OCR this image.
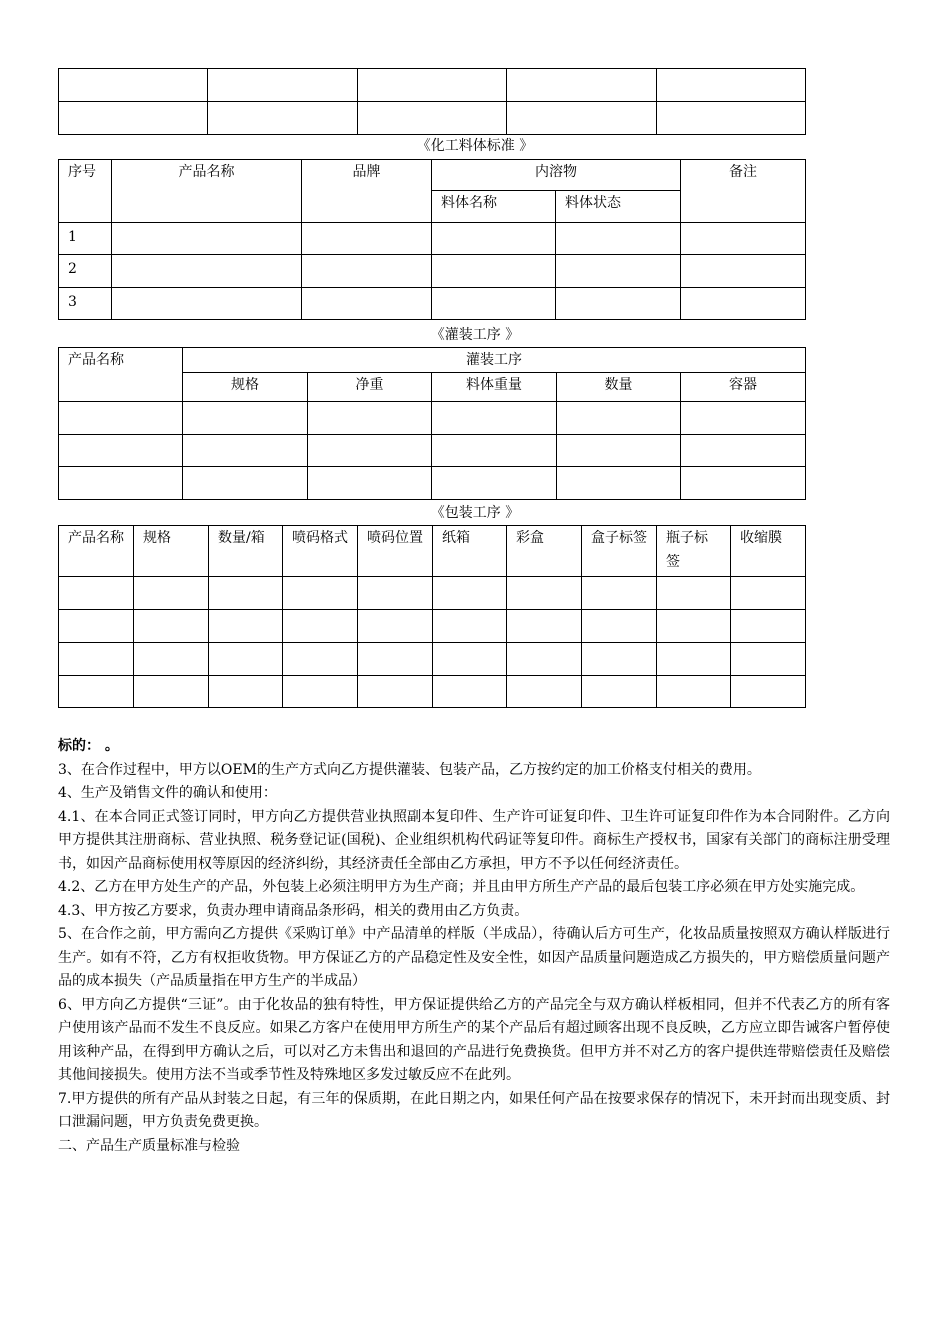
《化工料体标准 》
序号	产品名称	品牌	内溶物		备注
			料体名称	料体状态	
1					
2					
3					
《灌装工序 》
产品名称	灌装工序				
	规格	净重	料体重量	数量	容器

《包装工序 》
产品名称	规格	数量/箱	喷码格式	喷码位置	纸箱	彩盒	盒子标签	瓶子标签	收缩膜

标的： 。

3、在合作过程中，甲方以OEM的生产方式向乙方提供灌装、包装产品，乙方按约定的加工价格支付相关的费用。

4、生产及销售文件的确认和使用：

4.1、在本合同正式签订同时，甲方向乙方提供营业执照副本复印件、生产许可证复印件、卫生许可证复印件作为本合同附件。乙方向甲方提供其注册商标、营业执照、税务登记证(国税)、企业组织机构代码证等复印件。商标生产授权书，国家有关部门的商标注册受理书，如因产品商标使用权等原因的经济纠纷，其经济责任全部由乙方承担，甲方不予以任何经济责任。

4.2、乙方在甲方处生产的产品，外包装上必须注明甲方为生产商；并且由甲方所生产产品的最后包装工序必须在甲方处实施完成。

4.3、甲方按乙方要求，负责办理申请商品条形码，相关的费用由乙方负责。

5、在合作之前，甲方需向乙方提供《采购订单》中产品清单的样版（半成品），待确认后方可生产，化妆品质量按照双方确认样版进行生产。如有不符，乙方有权拒收货物。甲方保证乙方的产品稳定性及安全性，如因产品质量问题造成乙方损失的，甲方赔偿质量问题产品的成本损失（产品质量指在甲方生产的半成品）

6、甲方向乙方提供“三证”。由于化妆品的独有特性，甲方保证提供给乙方的产品完全与双方确认样板相同，但并不代表乙方的所有客户使用该产品而不发生不良反应。如果乙方客户在使用甲方所生产的某个产品后有超过顾客出现不良反映，乙方应立即告诫客户暂停使用该种产品，在得到甲方确认之后，可以对乙方未售出和退回的产品进行免费换货。但甲方并不对乙方的客户提供连带赔偿责任及赔偿其他间接损失。使用方法不当或季节性及特殊地区多发过敏反应不在此列。

7.甲方提供的所有产品从封装之日起，有三年的保质期，在此日期之内，如果任何产品在按要求保存的情况下，未开封而出现变质、封口泄漏问题，甲方负责免费更换。

二、产品生产质量标准与检验
